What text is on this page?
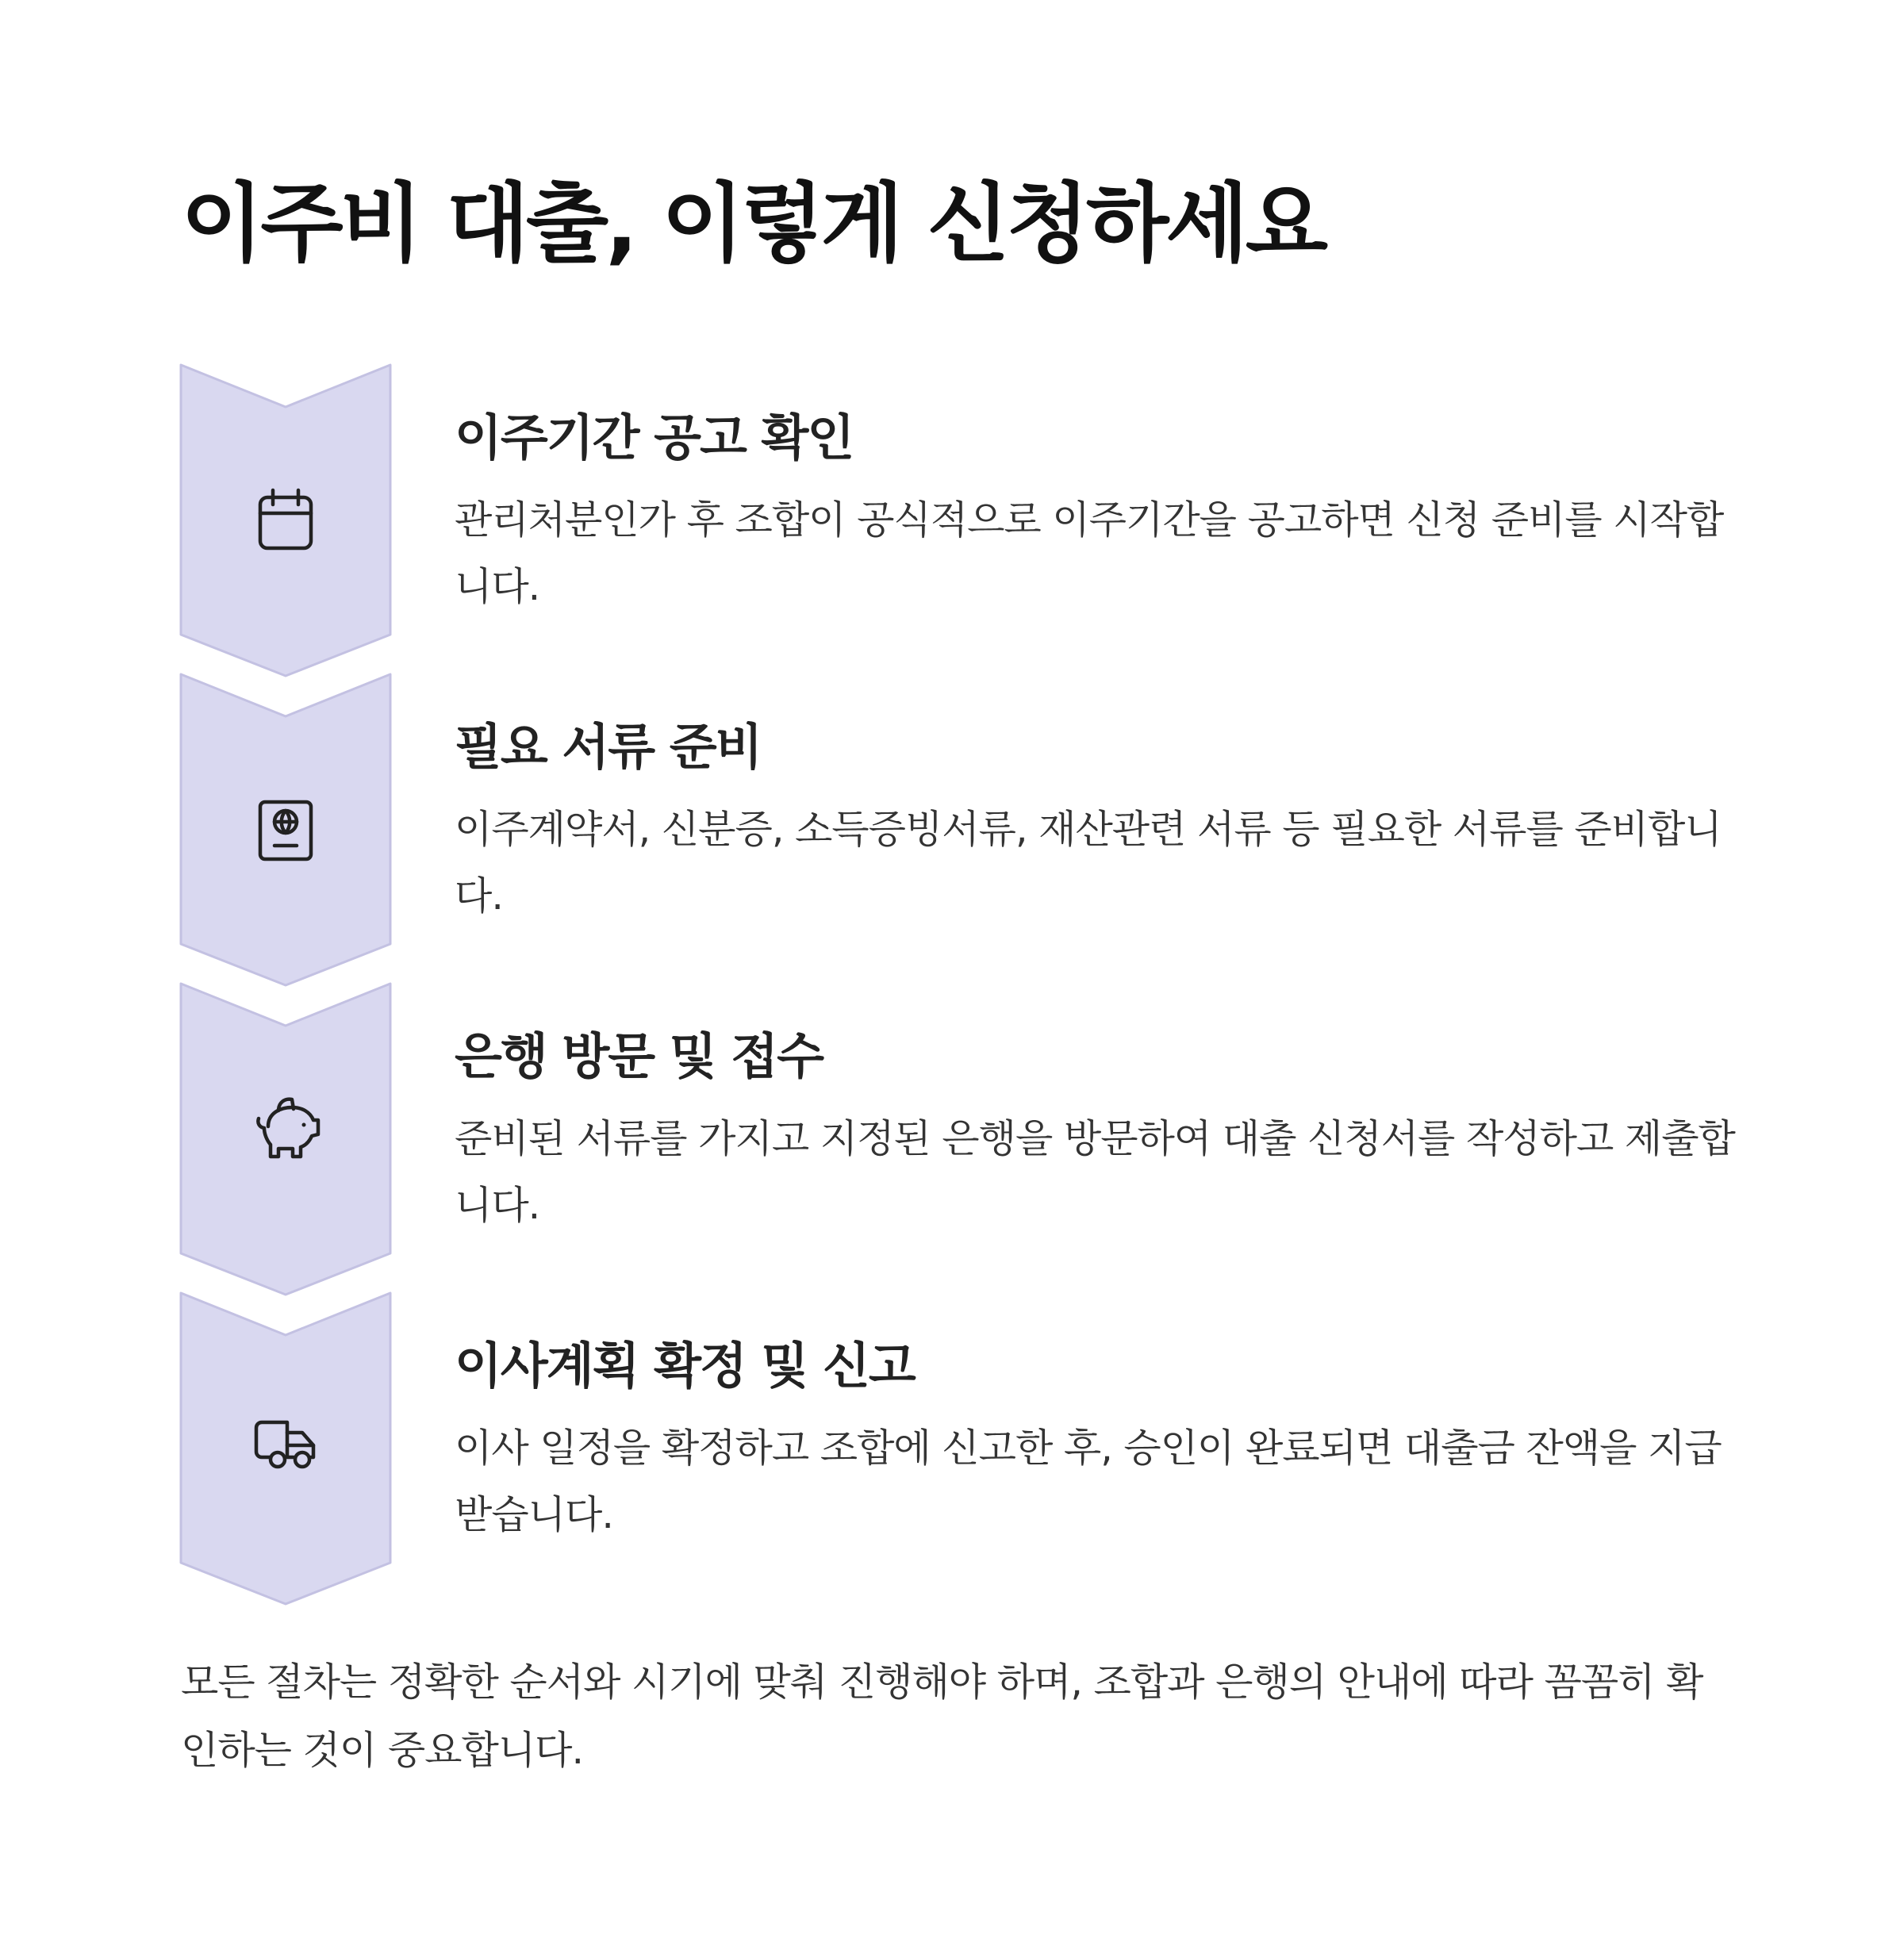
이주비 대출, 이렇게 신청하세요
이주기간 공고 확인

관리처분인가 후 조합이 공식적으로 이주기간을 공고하면 신청 준비를 시작합니다.

필요 서류 준비

이주계약서, 신분증, 소득증빙서류, 재산관련 서류 등 필요한 서류를 준비합니다.

은행 방문 및 접수

준비된 서류를 가지고 지정된 은행을 방문하여 대출 신청서를 작성하고 제출합니다.

이사계획 확정 및 신고

이사 일정을 확정하고 조합에 신고한 후, 승인이 완료되면 대출금 잔액을 지급받습니다.

모든 절차는 정확한 순서와 시기에 맞춰 진행해야 하며, 조합과 은행의 안내에 따라 꼼꼼히 확인하는 것이 중요합니다.
